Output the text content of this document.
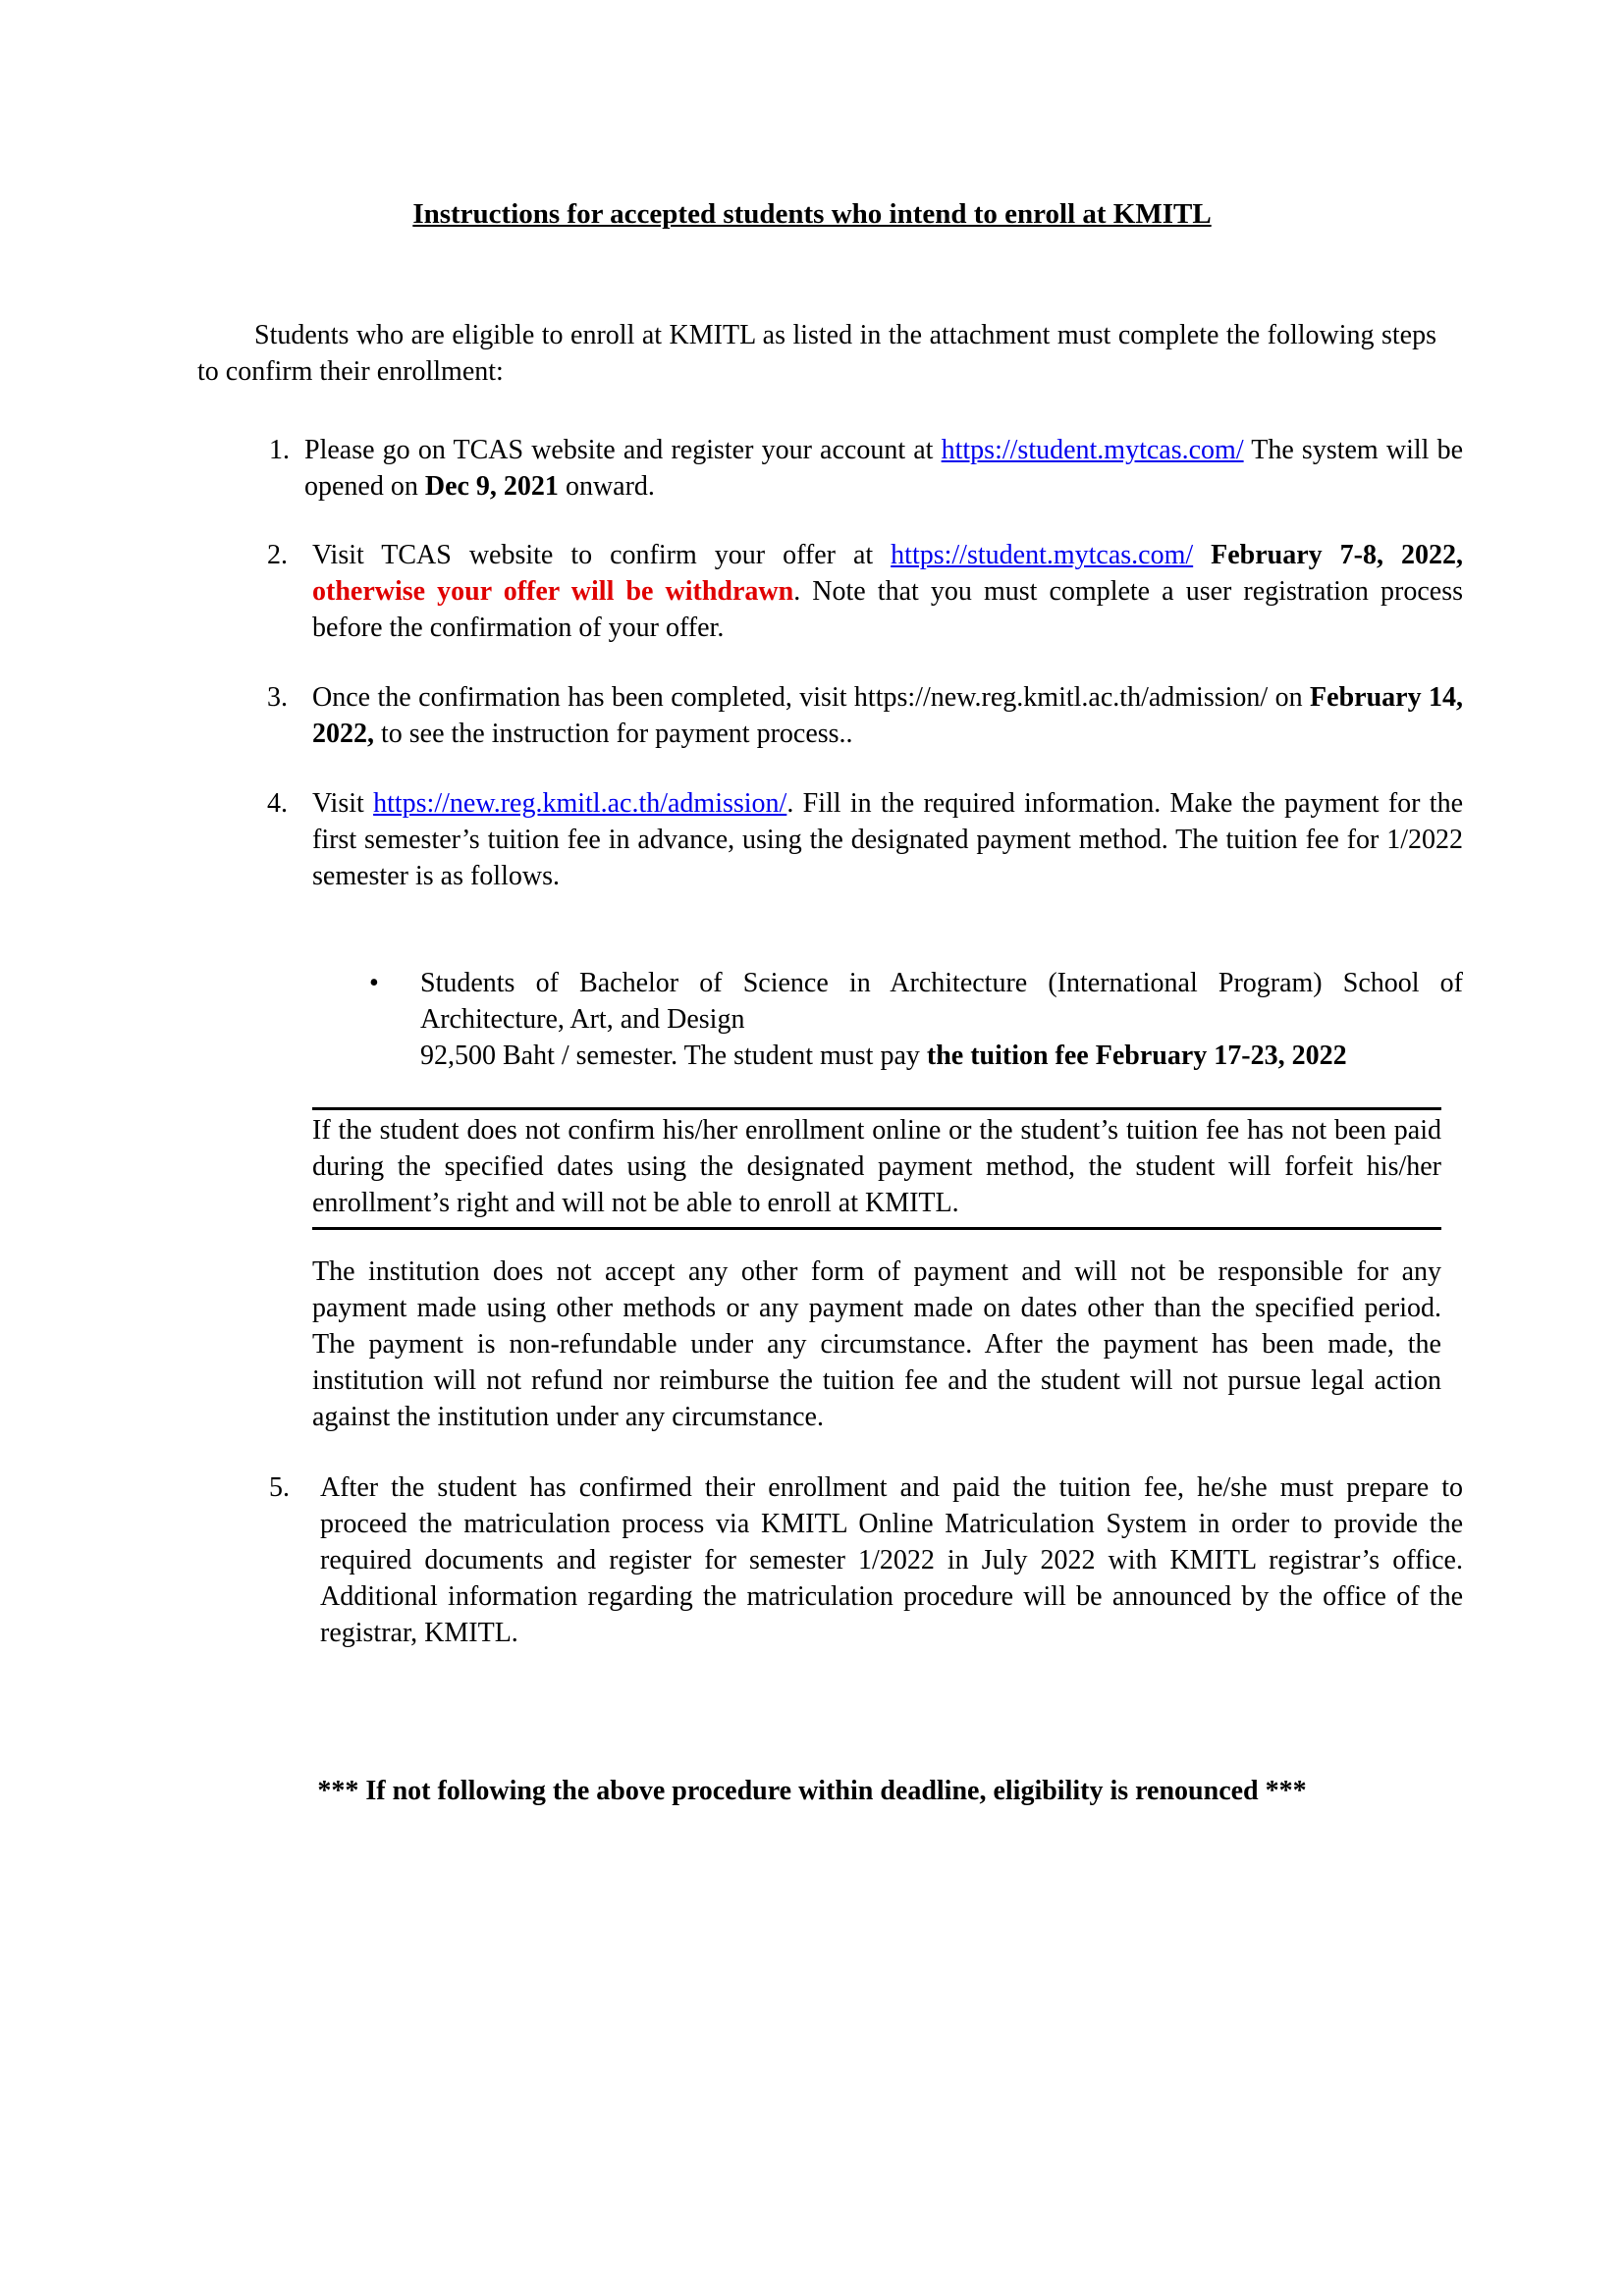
Instructions for accepted students who intend to enroll at KMITL
Students who are eligible to enroll at KMITL as listed in the attachment must complete the following steps to confirm their enrollment:
1. Please go on TCAS website and register your account at https://student.mytcas.com/ The system will be opened on Dec 9, 2021 onward.
2. Visit TCAS website to confirm your offer at https://student.mytcas.com/ February 7-8, 2022, otherwise your offer will be withdrawn. Note that you must complete a user registration process before the confirmation of your offer.
3. Once the confirmation has been completed, visit https://new.reg.kmitl.ac.th/admission/ on February 14, 2022, to see the instruction for payment process..
4. Visit https://new.reg.kmitl.ac.th/admission/. Fill in the required information. Make the payment for the first semester’s tuition fee in advance, using the designated payment method. The tuition fee for 1/2022 semester is as follows.
• Students of Bachelor of Science in Architecture (International Program) School of Architecture, Art, and Design
92,500 Baht / semester. The student must pay the tuition fee February 17-23, 2022
If the student does not confirm his/her enrollment online or the student’s tuition fee has not been paid during the specified dates using the designated payment method, the student will forfeit his/her enrollment’s right and will not be able to enroll at KMITL.
The institution does not accept any other form of payment and will not be responsible for any payment made using other methods or any payment made on dates other than the specified period. The payment is non-refundable under any circumstance. After the payment has been made, the institution will not refund nor reimburse the tuition fee and the student will not pursue legal action against the institution under any circumstance.
5.	After the student has confirmed their enrollment and paid the tuition fee, he/she must prepare to proceed the matriculation process via KMITL Online Matriculation System in order to provide the required documents and register for semester 1/2022 in July 2022 with KMITL registrar’s office. Additional information regarding the matriculation procedure will be announced by the office of the registrar, KMITL.
*** If not following the above procedure within deadline, eligibility is renounced ***
